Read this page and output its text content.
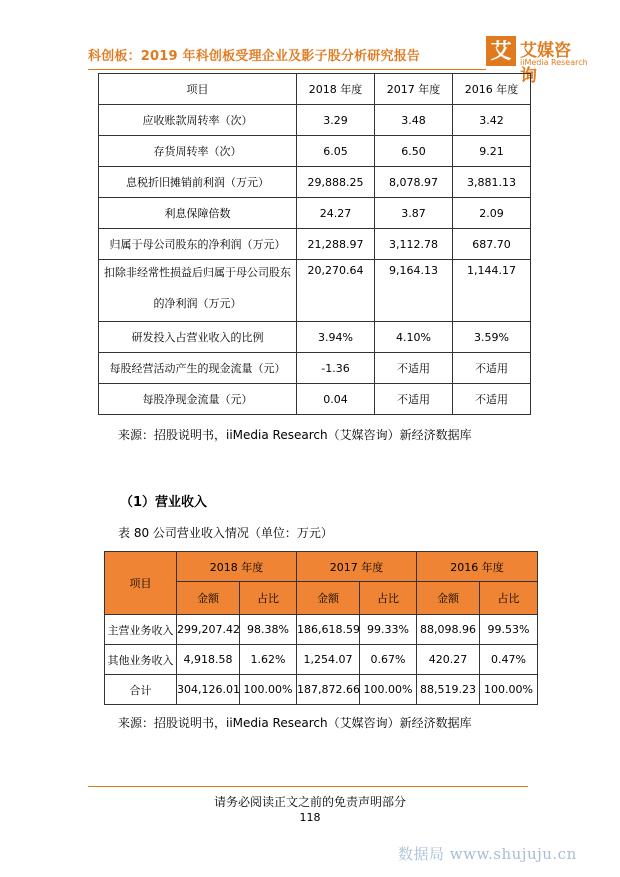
科创板：2019 年科创板受理企业及影子股分析研究报告	艾 艾媒咨询
iiMedia Research
项目	2018 年度	2017 年度	2016 年度
应收账款周转率（次）	3.29	3.48	3.42
存货周转率（次）	6.05	6.50	9.21
息税折旧摊销前利润（万元）	29,888.25	8,078.97	3,881.13
利息保障倍数	24.27	3.87	2.09
归属于母公司股东的净利润（万元）	21,288.97	3,112.78	687.70

扣除非经常性损益后归属于母公司股东
的净利润（万元）	20,270.64	9,164.13	1,144.17
研发投入占营业收入的比例	3.94%	4.10%	3.59%
每股经营活动产生的现金流量（元）	-1.36	不适用	不适用
每股净现金流量（元）	0.04	不适用	不适用
来源：招股说明书，iiMedia Research（艾媒咨询）新经济数据库
（1）营业收入
表 80 公司营业收入情况（单位：万元）
项目	2018 年度		2017 年度		2016 年度	
	金额	占比	金额	占比	金额	占比
主营业务收入	299,207.42	98.38%	186,618.59	99.33%	88,098.96	99.53%
其他业务收入	4,918.58	1.62%	1,254.07	0.67%	420.27	0.47%
合计	304,126.01	100.00%	187,872.66	100.00%	88,519.23	100.00%
来源：招股说明书，iiMedia Research（艾媒咨询）新经济数据库
请务必阅读正文之前的免责声明部分
118
数据局 www.shujuju.cn
